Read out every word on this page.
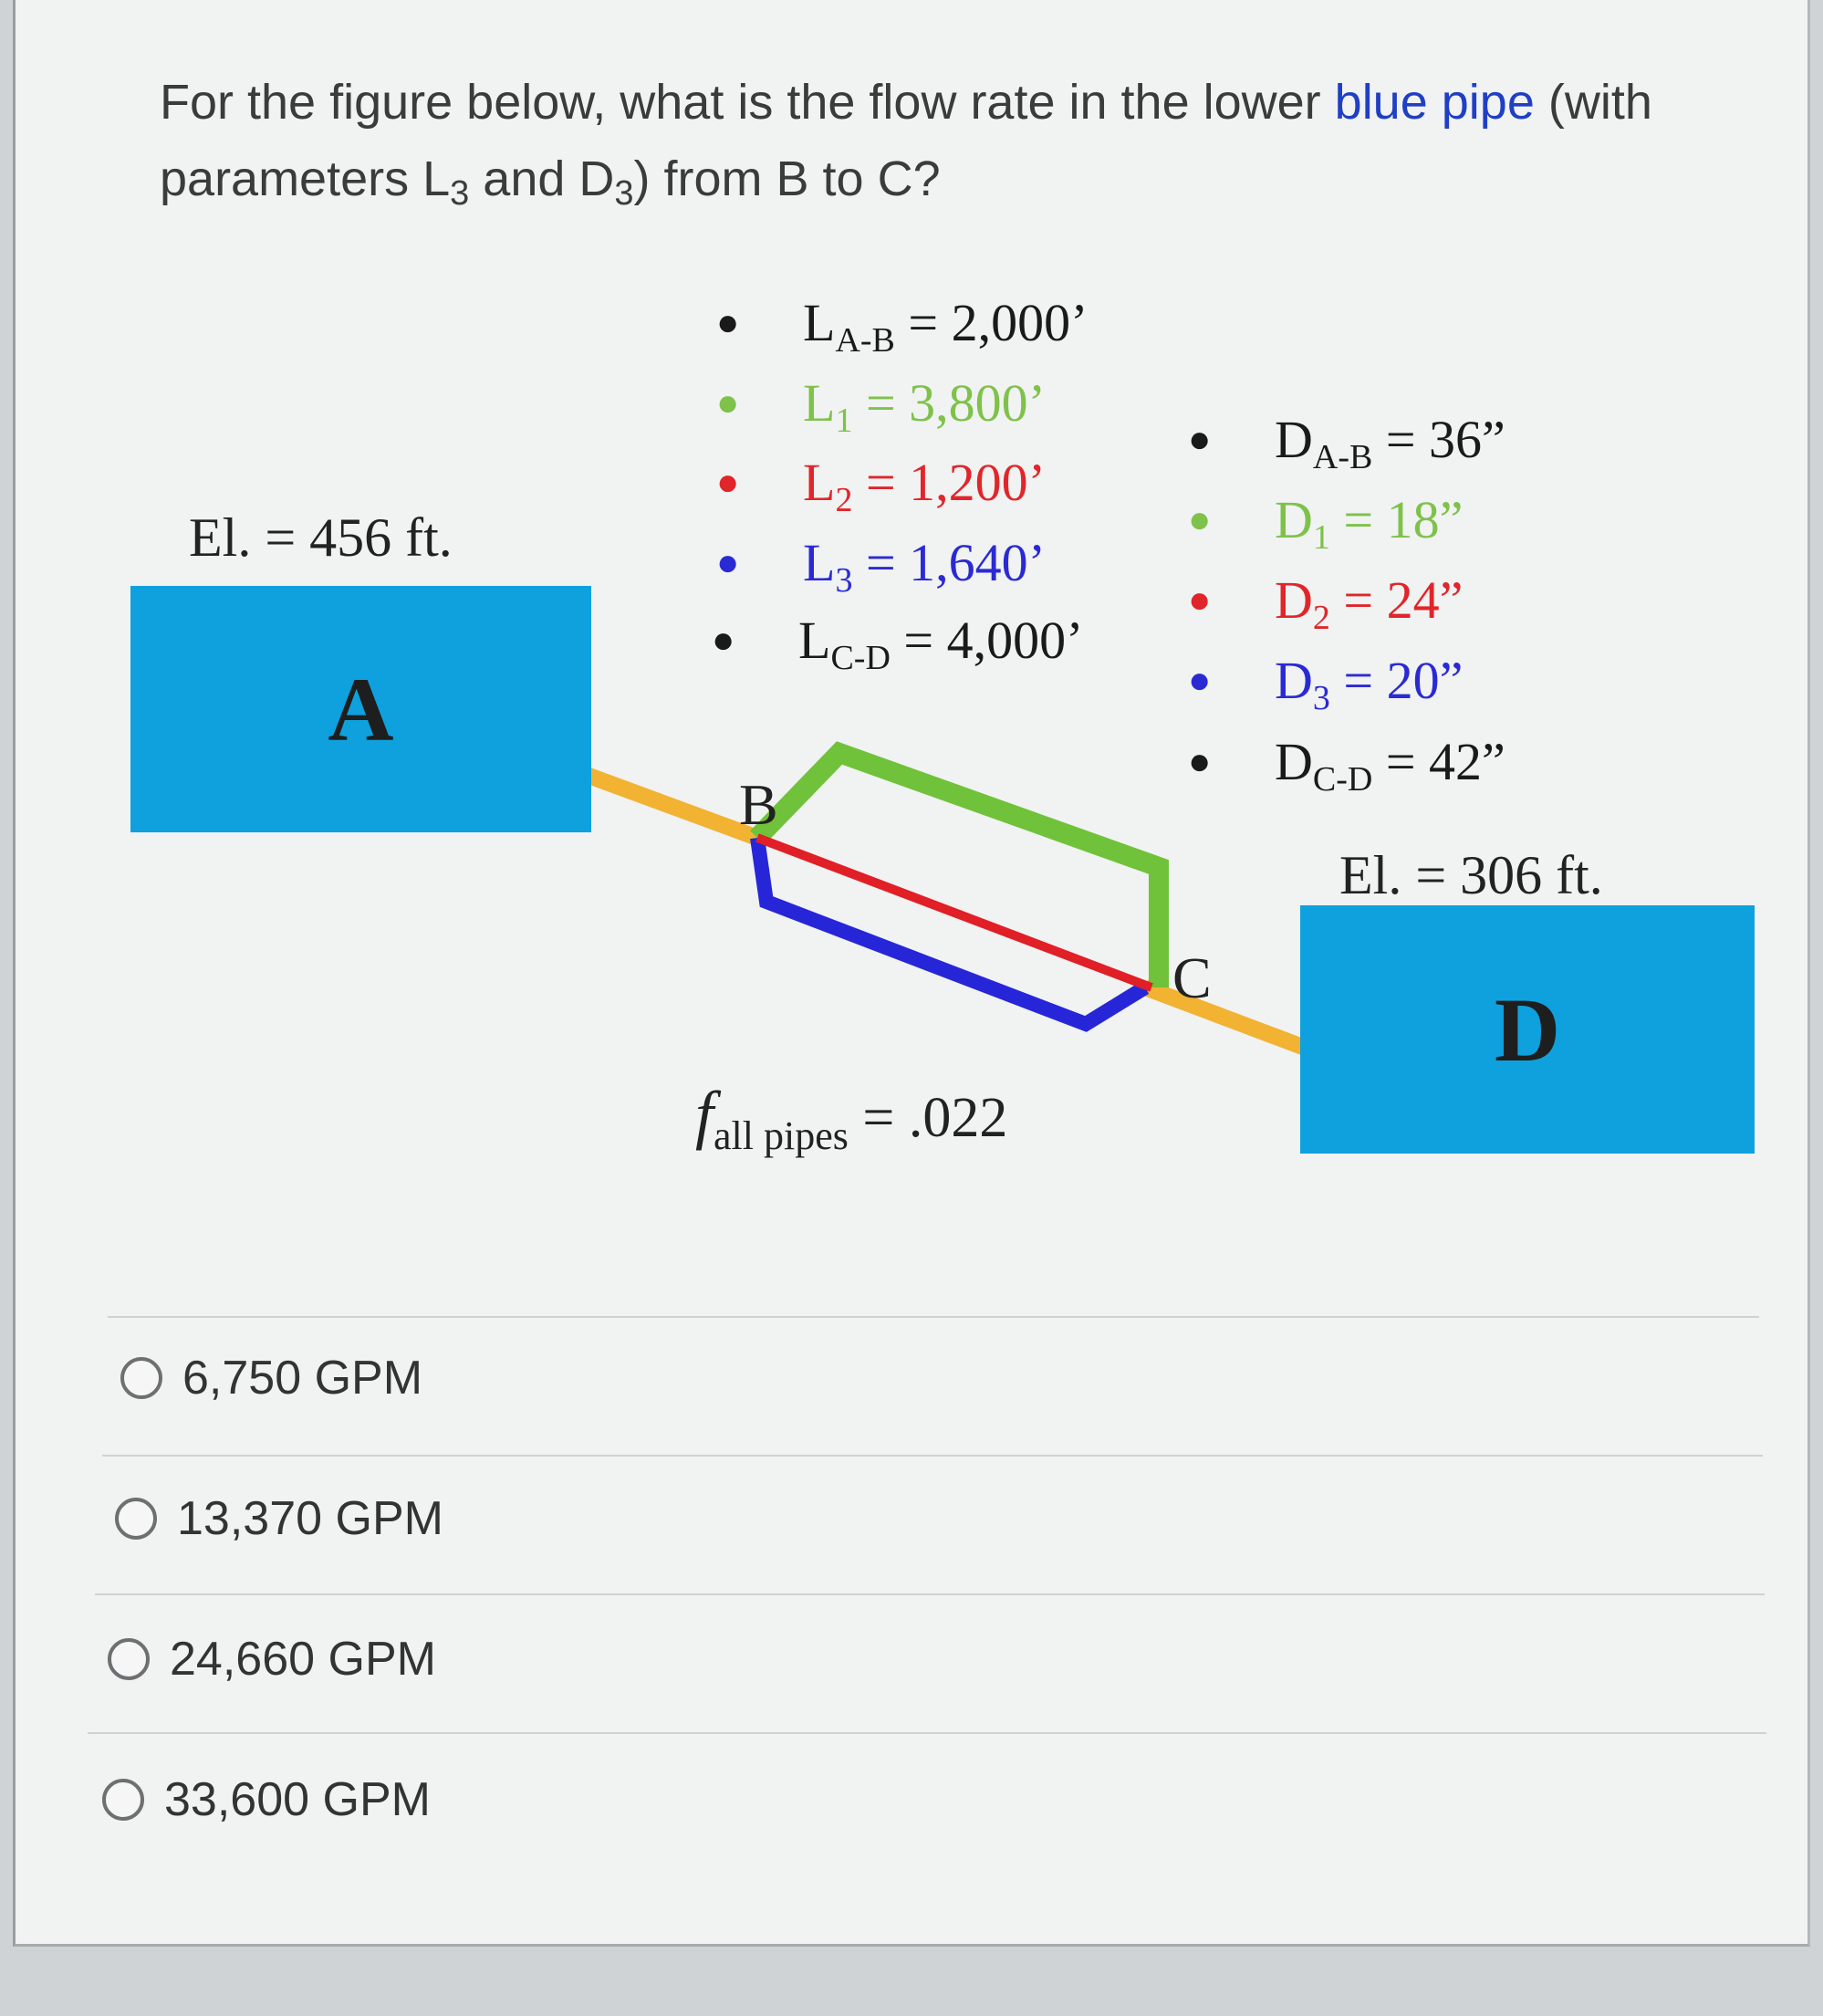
For the figure below, what is the flow rate in the lower blue pipe (with parameters $L_3$ and $D_3$) from B to C?
A
D
El. = 456 ft.
El. = 306 ft.
B
C
● $L_{A-B} = 2,000$’
● $L_1 = 3,800$’
● $L_2 = 1,200$’
● $L_3 = 1,640$’
● $L_{C-D} = 4,000$’
● $D_{A-B} = 36$”
● $D_1 = 18$”
● $D_2 = 24$”
● $D_3 = 20$”
● $D_{C-D} = 42$”
$f_{all pipes} = .022$
6,750 GPM
13,370 GPM
24,660 GPM
33,600 GPM
